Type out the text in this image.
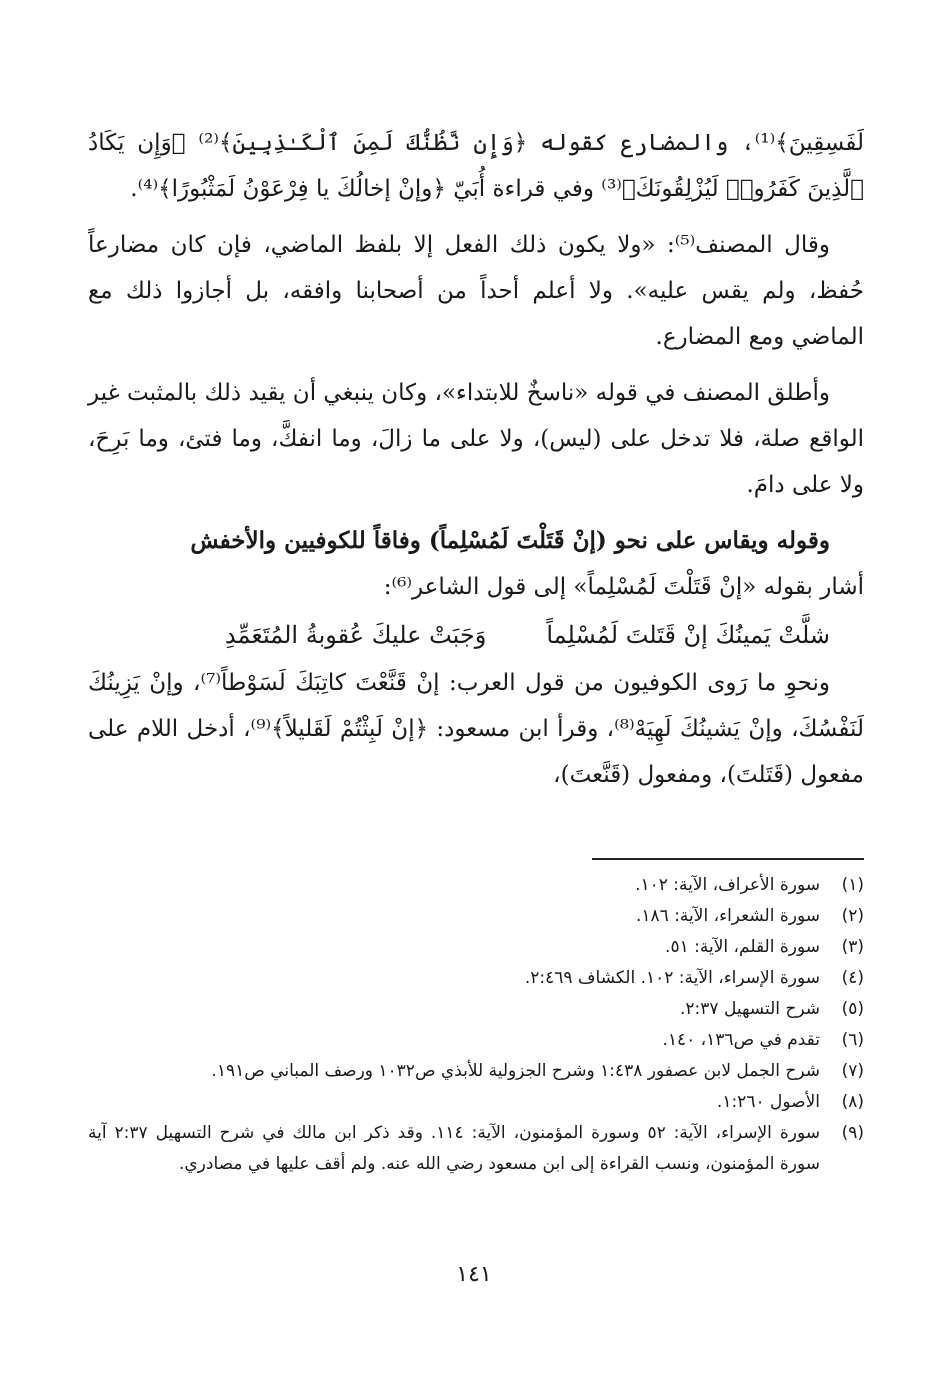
لَفَسِقِينَ﴾⁽¹⁾، والمضارع كقوله ﴿وَإِن نَّظُنُّكَ لَمِنَ ٱلْكَـٰذِبِينَ﴾⁽²⁾ ﴿وَإِن يَكَادُ ٱلَّذِينَ كَفَرُوا۟ لَيُزْلِقُونَكَ﴾⁽³⁾ وفي قراءة أُبَيّ ﴿وإنْ إخالُكَ يا فِرْعَوْنُ لَمَثْبُورًا﴾⁽⁴⁾.

وقال المصنف⁽⁵⁾: «ولا يكون ذلك الفعل إلا بلفظ الماضي، فإن كان مضارعاً حُفظ، ولم يقس عليه». ولا أعلم أحداً من أصحابنا وافقه، بل أجازوا ذلك مع الماضي ومع المضارع.

وأطلق المصنف في قوله «ناسخٌ للابتداء»، وكان ينبغي أن يقيد ذلك بالمثبت غير الواقع صلة، فلا تدخل على (ليس)، ولا على ما زالَ، وما انفكَّ، وما فتئ، وما بَرِحَ، ولا على دامَ.

وقوله ويقاس على نحو (إنْ قَتَلْتَ لَمُسْلِماً) وفاقاً للكوفيين والأخفش

أشار بقوله «إنْ قَتَلْتَ لَمُسْلِماً» إلى قول الشاعر⁽⁶⁾:

شلَّتْ يَمينُكَ إنْ قَتَلتَ لَمُسْلِماً
وَجَبَتْ عليكَ عُقوبةُ المُتَعَمِّدِ

ونحوِ ما رَوى الكوفيون من قول العرب: إنْ قَنَّعْتَ كاتِبَكَ لَسَوْطاً⁽⁷⁾، وإنْ يَزِينُكَ لَنَفْسُكَ، وإنْ يَشينُكَ لَهِيَهْ⁽⁸⁾، وقرأ ابن مسعود: ﴿إنْ لَبِثْتُمْ لَقَليلاً﴾⁽⁹⁾، أدخل اللام على مفعول (قَتَلتَ)، ومفعول (قَنَّعتَ)،

(١)
سورة الأعراف، الآية: ١٠٢.
(٢)
سورة الشعراء، الآية: ١٨٦.
(٣)
سورة القلم، الآية: ٥١.
(٤)
سورة الإسراء، الآية: ١٠٢. الكشاف ٢:٤٦٩.
(٥)
شرح التسهيل ٢:٣٧.
(٦)
تقدم في ص١٣٦، ١٤٠.
(٧)
شرح الجمل لابن عصفور ١:٤٣٨ وشرح الجزولية للأبذي ص١٠٣٢ ورصف المباني ص١٩١.
(٨)
الأصول ١:٢٦٠.
(٩)
سورة الإسراء، الآية: ٥٢ وسورة المؤمنون، الآية: ١١٤. وقد ذكر ابن مالك في شرح التسهيل ٢:٣٧ آية سورة المؤمنون، ونسب القراءة إلى ابن مسعود رضي الله عنه. ولم أقف عليها في مصادري.
١٤١
